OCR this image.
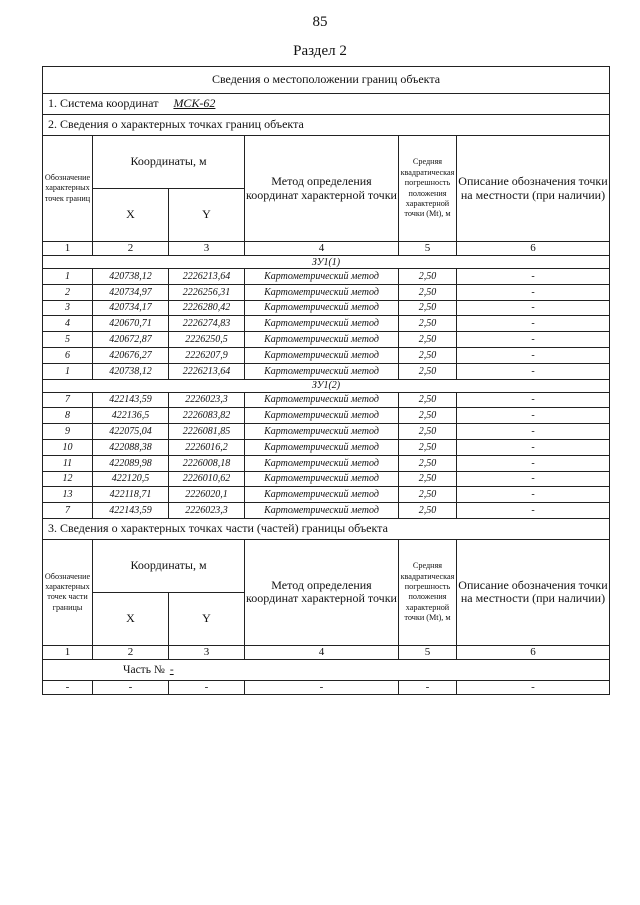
85
Раздел 2
Сведения о местоположении границ объекта					
1. Система координат МСК-62					
2. Сведения о характерных точках границ объекта					
Обозначение характерных точек границ	Координаты, м		Метод определения координат характерной точки	Средняя квадратическая погрешность положения характерной точки (Mt), м	Описание обозначения точки на местности (при наличии)
	X	Y			
1	2	3	4	5	6
ЗУ1(1)					
1	420738,12	2226213,64	Картометрический метод	2,50	-
2	420734,97	2226256,31	Картометрический метод	2,50	-
3	420734,17	2226280,42	Картометрический метод	2,50	-
4	420670,71	2226274,83	Картометрический метод	2,50	-
5	420672,87	2226250,5	Картометрический метод	2,50	-
6	420676,27	2226207,9	Картометрический метод	2,50	-
1	420738,12	2226213,64	Картометрический метод	2,50	-
ЗУ1(2)					
7	422143,59	2226023,3	Картометрический метод	2,50	-
8	422136,5	2226083,82	Картометрический метод	2,50	-
9	422075,04	2226081,85	Картометрический метод	2,50	-
10	422088,38	2226016,2	Картометрический метод	2,50	-
11	422089,98	2226008,18	Картометрический метод	2,50	-
12	422120,5	2226010,62	Картометрический метод	2,50	-
13	422118,71	2226020,1	Картометрический метод	2,50	-
7	422143,59	2226023,3	Картометрический метод	2,50	-
3. Сведения о характерных точках части (частей) границы объекта					
Обозначение характерных точек части границы	Координаты, м		Метод определения координат характерной точки	Средняя квадратическая погрешность положения характерной точки (Mt), м	Описание обозначения точки на местности (при наличии)
	X	Y			
1	2	3	4	5	6
Часть № -					
-	-	-	-	-	-
